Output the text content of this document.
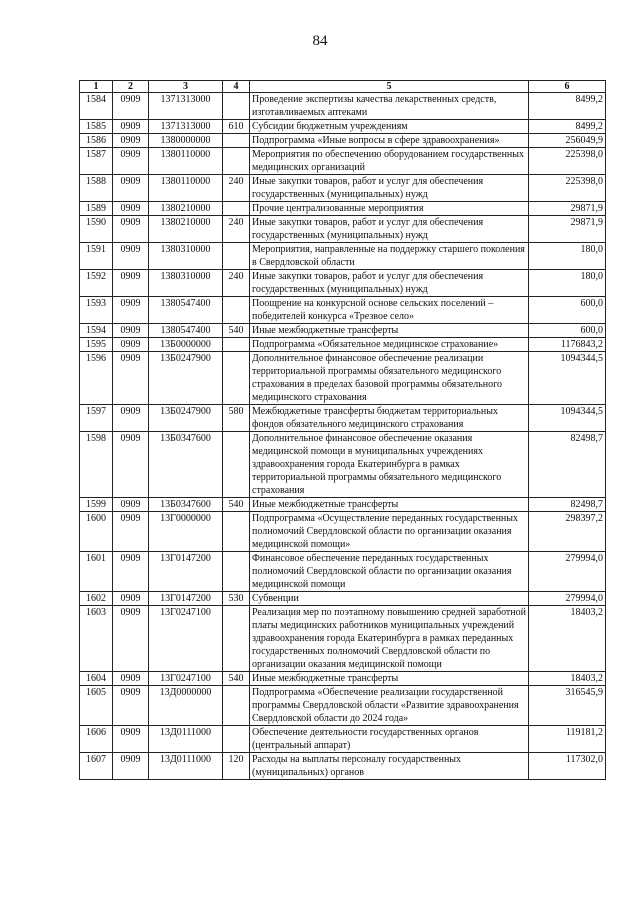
84
1	2	3	4	5	6
1584	0909	1371313000		Проведение экспертизы качества лекарственных средств, изготавливаемых аптеками	8499,2
1585	0909	1371313000	610	Субсидии бюджетным учреждениям	8499,2
1586	0909	1380000000		Подпрограмма «Иные вопросы в сфере здравоохранения»	256049,9
1587	0909	1380110000		Мероприятия по обеспечению оборудованием государственных медицинских организаций	225398,0
1588	0909	1380110000	240	Иные закупки товаров, работ и услуг для обеспечения государственных (муниципальных) нужд	225398,0
1589	0909	1380210000		Прочие централизованные мероприятия	29871,9
1590	0909	1380210000	240	Иные закупки товаров, работ и услуг для обеспечения государственных (муниципальных) нужд	29871,9
1591	0909	1380310000		Мероприятия, направленные на поддержку старшего поколения в Свердловской области	180,0
1592	0909	1380310000	240	Иные закупки товаров, работ и услуг для обеспечения государственных (муниципальных) нужд	180,0
1593	0909	1380547400		Поощрение на конкурсной основе сельских поселений – победителей конкурса «Трезвое село»	600,0
1594	0909	1380547400	540	Иные межбюджетные трансферты	600,0
1595	0909	13Б0000000		Подпрограмма «Обязательное медицинское страхование»	1176843,2
1596	0909	13Б0247900		Дополнительное финансовое обеспечение реализации территориальной программы обязательного медицинского страхования в пределах базовой программы обязательного медицинского страхования	1094344,5
1597	0909	13Б0247900	580	Межбюджетные трансферты бюджетам территориальных фондов обязательного медицинского страхования	1094344,5
1598	0909	13Б0347600		Дополнительное финансовое обеспечение оказания медицинской помощи в муниципальных учреждениях здравоохранения города Екатеринбурга в рамках территориальной программы обязательного медицинского страхования	82498,7
1599	0909	13Б0347600	540	Иные межбюджетные трансферты	82498,7
1600	0909	13Г0000000		Подпрограмма «Осуществление переданных государственных полномочий Свердловской области по организации оказания медицинской помощи»	298397,2
1601	0909	13Г0147200		Финансовое обеспечение переданных государственных полномочий Свердловской области по организации оказания медицинской помощи	279994,0
1602	0909	13Г0147200	530	Субвенции	279994,0
1603	0909	13Г0247100		Реализация мер по поэтапному повышению средней заработной платы медицинских работников муниципальных учреждений здравоохранения города Екатеринбурга в рамках переданных государственных полномочий Свердловской области по организации оказания медицинской помощи	18403,2
1604	0909	13Г0247100	540	Иные межбюджетные трансферты	18403,2
1605	0909	13Д0000000		Подпрограмма «Обеспечение реализации государственной программы Свердловской области «Развитие здравоохранения Свердловской области до 2024 года»	316545,9
1606	0909	13Д0111000		Обеспечение деятельности государственных органов (центральный аппарат)	119181,2
1607	0909	13Д0111000	120	Расходы на выплаты персоналу государственных (муниципальных) органов	117302,0
